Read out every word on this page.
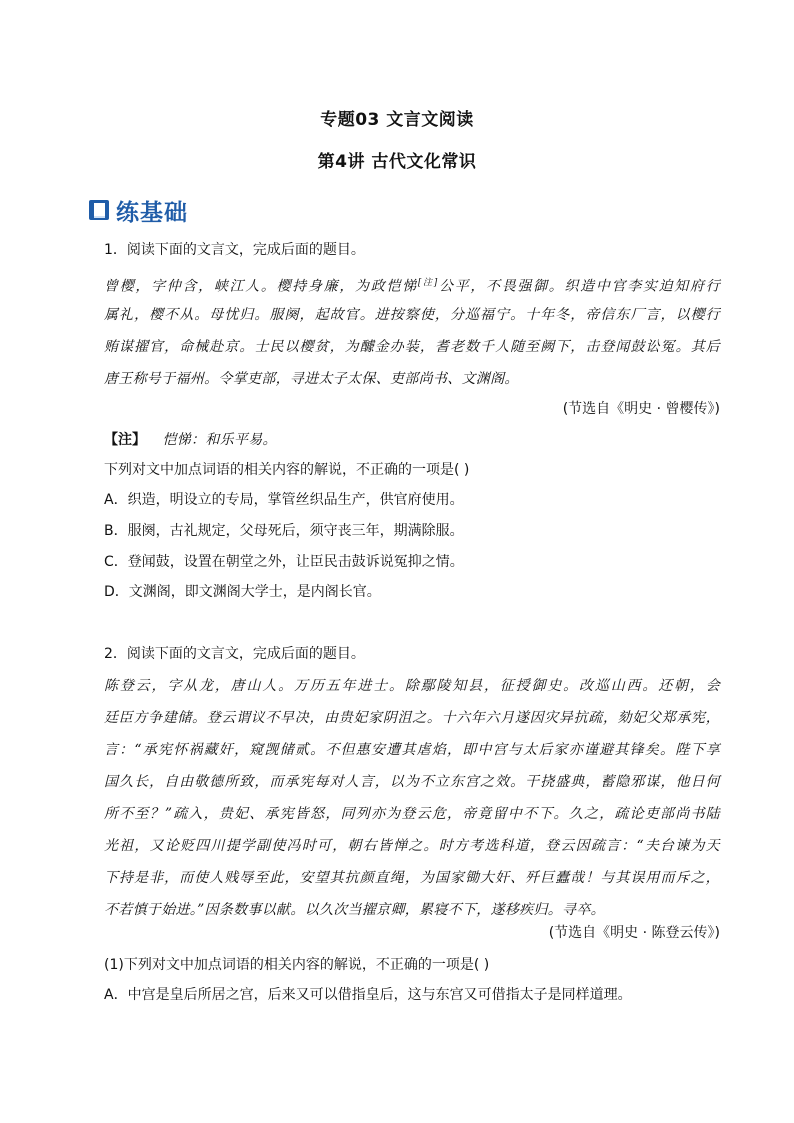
专题03 文言文阅读
第4讲 古代文化常识
练基础
1．阅读下面的文言文，完成后面的题目。
曾樱，字仲含，峡江人。樱持身廉，为政恺悌[注]公平，不畏强御。织造中官李实迫知府行
属礼，樱不从。母忧归。服阕，起故官。进按察使，分巡福宁。十年冬，帝信东厂言，以樱行
贿谋擢官，命械赴京。士民以樱贫，为醵金办装，耆老数千人随至阙下，击登闻鼓讼冤。其后
唐王称号于福州。令掌吏部，寻进太子太保、吏部尚书、文渊阁。
(节选自《明史 · 曾樱传》)
【注】 恺悌：和乐平易。
下列对文中加点词语的相关内容的解说，不正确的一项是( )
A．织造，明设立的专局，掌管丝织品生产，供官府使用。
B．服阕，古礼规定，父母死后，须守丧三年，期满除服。
C．登闻鼓，设置在朝堂之外，让臣民击鼓诉说冤抑之情。
D．文渊阁，即文渊阁大学士，是内阁长官。
2．阅读下面的文言文，完成后面的题目。
陈登云，字从龙，唐山人。万历五年进士。除鄢陵知县，征授御史。改巡山西。还朝，会
廷臣方争建储。登云谓议不早决，由贵妃家阴沮之。十六年六月遂因灾异抗疏，劾妃父郑承宪，
言：“承宪怀祸藏奸，窥觊储贰。不但惠安遭其虐焰，即中宫与太后家亦谨避其锋矣。陛下享
国久长，自由敬德所致，而承宪每对人言，以为不立东宫之效。干挠盛典，蓄隐邪谋，他日何
所不至？”疏入，贵妃、承宪皆怒，同列亦为登云危，帝竟留中不下。久之，疏论吏部尚书陆
光祖，又论贬四川提学副使冯时可，朝右皆惮之。时方考选科道，登云因疏言：“夫台谏为天
下持是非，而使人贱辱至此，安望其抗颜直绳，为国家锄大奸、歼巨蠹哉！与其误用而斥之，
不若慎于始进。”因条数事以献。以久次当擢京卿，累寝不下，遂移疾归。寻卒。
(节选自《明史 · 陈登云传》)
(1)下列对文中加点词语的相关内容的解说，不正确的一项是( )
A．中宫是皇后所居之宫，后来又可以借指皇后，这与东宫又可借指太子是同样道理。
